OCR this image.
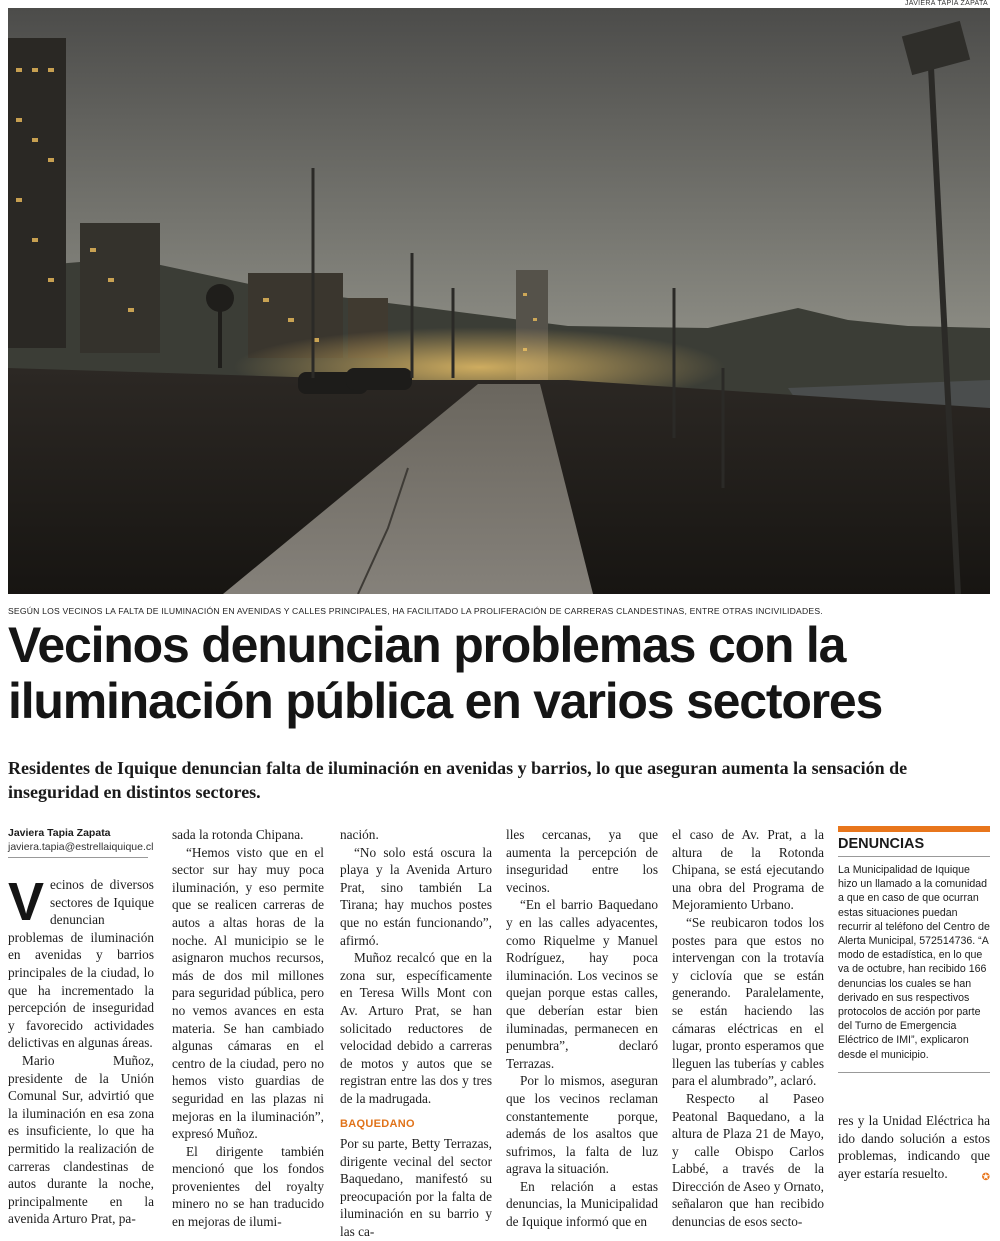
JAVIERA TAPIA ZAPATA
SEGÚN LOS VECINOS LA FALTA DE ILUMINACIÓN EN AVENIDAS Y CALLES PRINCIPALES, HA FACILITADO LA PROLIFERACIÓN DE CARRERAS CLANDESTINAS, ENTRE OTRAS INCIVILIDADES.
Vecinos denuncian problemas con la
iluminación pública en varios sectores

Residentes de Iquique denuncian falta de iluminación en avenidas y barrios, lo que aseguran aumenta la sensación de inseguridad en distintos sectores.

Javiera Tapia Zapata
javiera.tapia@estrellaiquique.cl

Vecinos de diversos sectores de Iquique denuncian problemas de iluminación en avenidas y barrios principales de la ciudad, lo que ha incrementado la percepción de inseguridad y favorecido actividades delictivas en algunas áreas.

Mario Muñoz, presidente de la Unión Comunal Sur, advirtió que la iluminación en esa zona es insuficiente, lo que ha permitido la realización de carreras clandestinas de autos durante la noche, principalmente en la avenida Arturo Prat, pa-

sada la rotonda Chipana.

“Hemos visto que en el sector sur hay muy poca iluminación, y eso permite que se realicen carreras de autos a altas horas de la noche. Al municipio se le asignaron muchos recursos, más de dos mil millones para seguridad pública, pero no vemos avances en esta materia. Se han cambiado algunas cámaras en el centro de la ciudad, pero no hemos visto guardias de seguridad en las plazas ni mejoras en la iluminación”, expresó Muñoz.

El dirigente también mencionó que los fondos provenientes del royalty minero no se han traducido en mejoras de ilumi-

nación.

“No solo está oscura la playa y la Avenida Arturo Prat, sino también La Tirana; hay muchos postes que no están funcionando”, afirmó.

Muñoz recalcó que en la zona sur, específicamente en Teresa Wills Mont con Av. Arturo Prat, se han solicitado reductores de velocidad debido a carreras de motos y autos que se registran entre las dos y tres de la madrugada.

BAQUEDANO

Por su parte, Betty Terrazas, dirigente vecinal del sector Baquedano, manifestó su preocupación por la falta de iluminación en su barrio y las ca-

lles cercanas, ya que aumenta la percepción de inseguridad entre los vecinos.

“En el barrio Baquedano y en las calles adyacentes, como Riquelme y Manuel Rodríguez, hay poca iluminación. Los vecinos se quejan porque estas calles, que deberían estar bien iluminadas, permanecen en penumbra”, declaró Terrazas.

Por lo mismos, aseguran que los vecinos reclaman constantemente porque, además de los asaltos que sufrimos, la falta de luz agrava la situación.

En relación a estas denuncias, la Municipalidad de Iquique informó que en

el caso de Av. Prat, a la altura de la Rotonda Chipana, se está ejecutando una obra del Programa de Mejoramiento Urbano.

“Se reubicaron todos los postes para que estos no intervengan con la trotavía y ciclovía que se están generando. Paralelamente, se están haciendo las cámaras eléctricas en el lugar, pronto esperamos que lleguen las tuberías y cables para el alumbrado”, aclaró.

Respecto al Paseo Peatonal Baquedano, a la altura de Plaza 21 de Mayo, y calle Obispo Carlos Labbé, a través de la Dirección de Aseo y Ornato, señalaron que han recibido denuncias de esos secto-

DENUNCIAS

La Municipalidad de Iquique hizo un llamado a la comunidad a que en caso de que ocurran estas situaciones puedan recurrir al teléfono del Centro de Alerta Municipal, 572514736. “A modo de estadística, en lo que va de octubre, han recibido 166 denuncias los cuales se han derivado en sus respectivos protocolos de acción por parte del Turno de Emergencia Eléctrico de IMI”, explicaron desde el municipio.

res y la Unidad Eléctrica ha ido dando solución a estos problemas, indicando que ayer estaría resuelto.	✪
